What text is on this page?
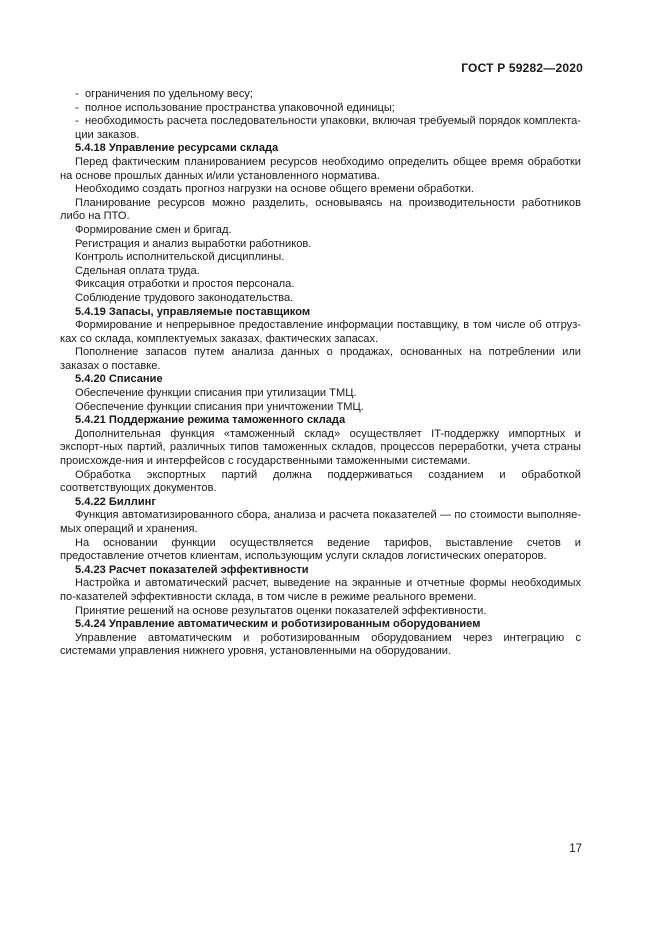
ГОСТ Р 59282—2020

- ограничения по удельному весу;

- полное использование пространства упаковочной единицы;

- необходимость расчета последовательности упаковки, включая требуемый порядок комплекта-ции заказов.

5.4.18 Управление ресурсами склада

Перед фактическим планированием ресурсов необходимо определить общее время обработки на основе прошлых данных и/или установленного норматива.

Необходимо создать прогноз нагрузки на основе общего времени обработки.

Планирование ресурсов можно разделить, основываясь на производительности работников либо на ПТО.

Формирование смен и бригад.

Регистрация и анализ выработки работников.

Контроль исполнительской дисциплины.

Сдельная оплата труда.

Фиксация отработки и простоя персонала.

Соблюдение трудового законодательства.

5.4.19 Запасы, управляемые поставщиком

Формирование и непрерывное предоставление информации поставщику, в том числе об отгруз-ках со склада, комплектуемых заказах, фактических запасах.

Пополнение запасов путем анализа данных о продажах, основанных на потреблении или заказах о поставке.

5.4.20 Списание

Обеспечение функции списания при утилизации ТМЦ.

Обеспечение функции списания при уничтожении ТМЦ.

5.4.21 Поддержание режима таможенного склада

Дополнительная функция «таможенный склад» осуществляет IT-поддержку импортных и экспорт-ных партий, различных типов таможенных складов, процессов переработки, учета страны происхожде-ния и интерфейсов с государственными таможенными системами.

Обработка экспортных партий должна поддерживаться созданием и обработкой соответствующих документов.

5.4.22 Биллинг

Функция автоматизированного сбора, анализа и расчета показателей — по стоимости выполняе-мых операций и хранения.

На основании функции осуществляется ведение тарифов, выставление счетов и предоставление отчетов клиентам, использующим услуги складов логистических операторов.

5.4.23 Расчет показателей эффективности

Настройка и автоматический расчет, выведение на экранные и отчетные формы необходимых по-казателей эффективности склада, в том числе в режиме реального времени.

Принятие решений на основе результатов оценки показателей эффективности.

5.4.24 Управление автоматическим и роботизированным оборудованием

Управление автоматическим и роботизированным оборудованием через интеграцию с системами управления нижнего уровня, установленными на оборудовании.

17
